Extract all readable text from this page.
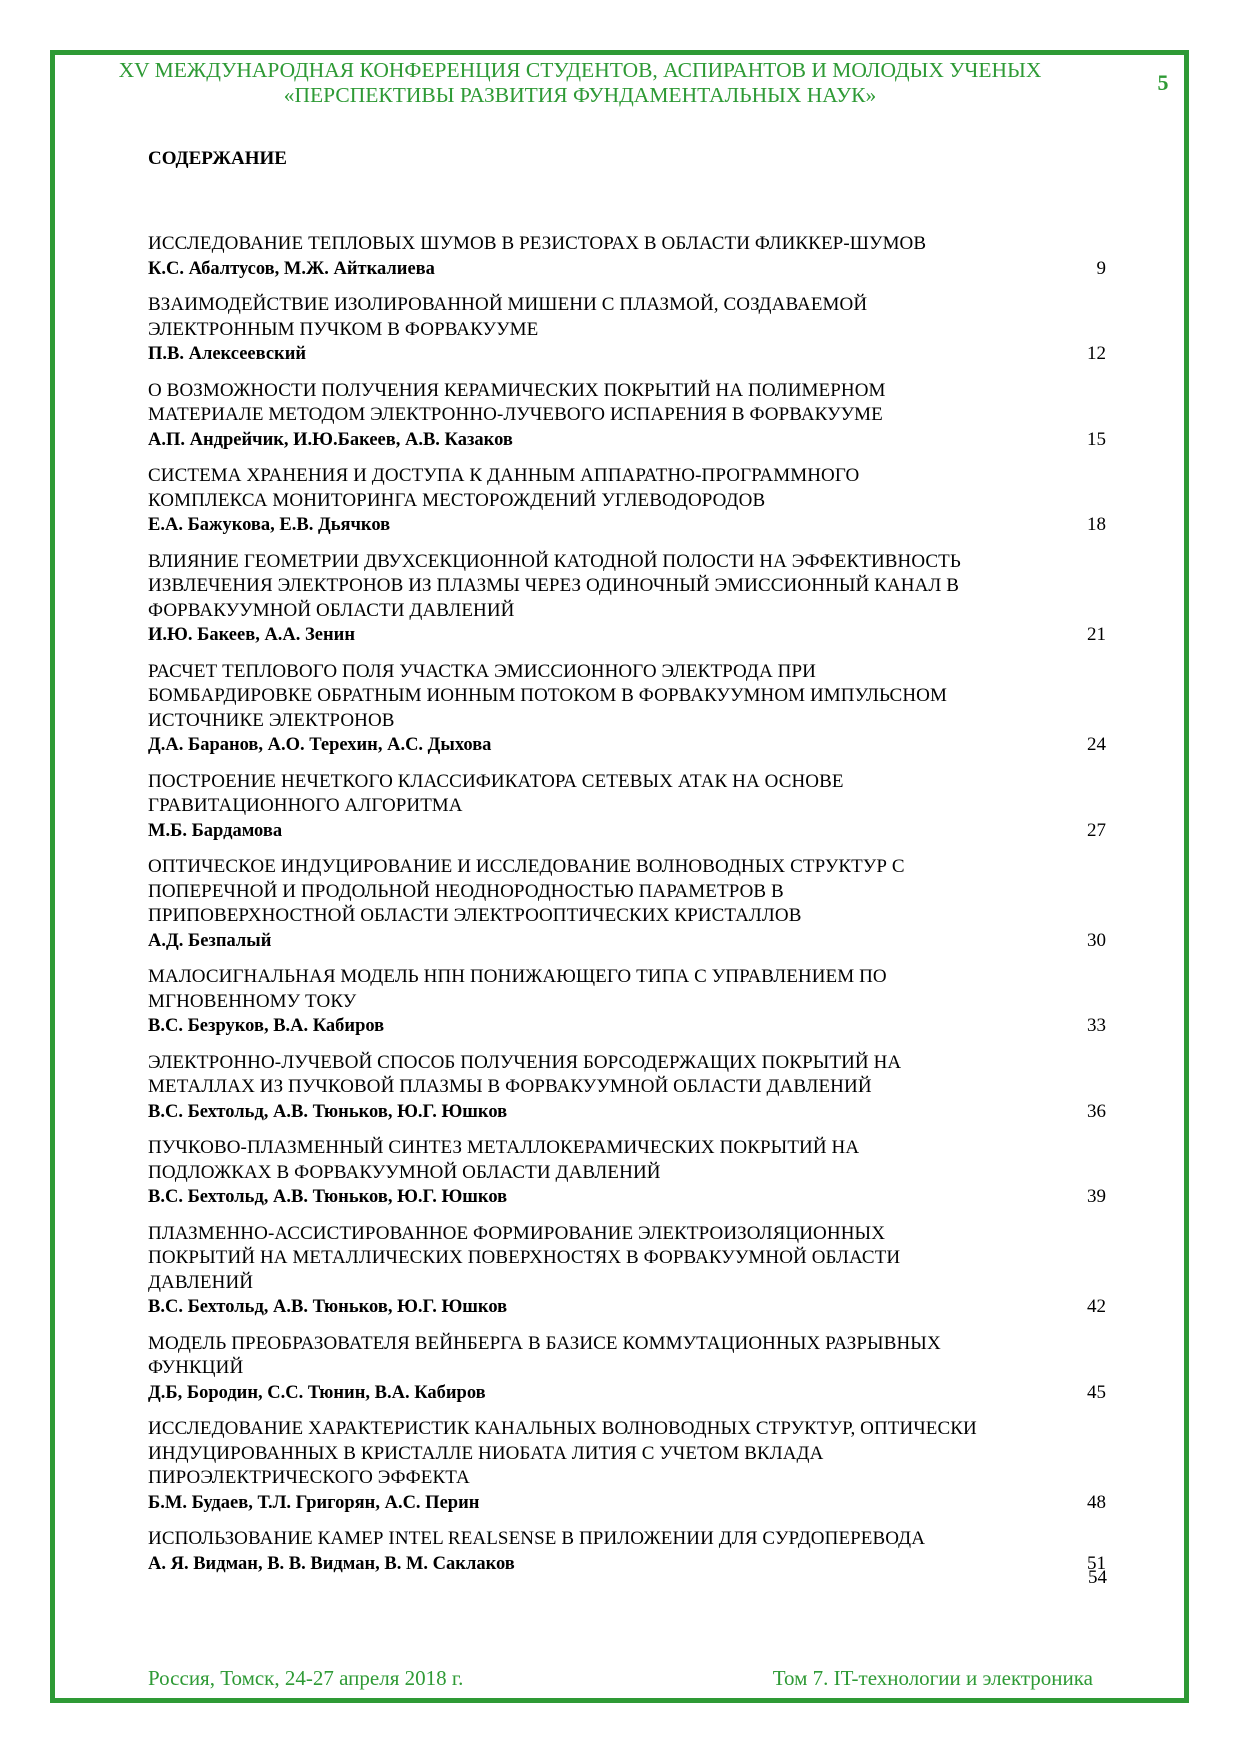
XV МЕЖДУНАРОДНАЯ КОНФЕРЕНЦИЯ СТУДЕНТОВ, АСПИРАНТОВ И МОЛОДЫХ УЧЕНЫХ
«ПЕРСПЕКТИВЫ РАЗВИТИЯ ФУНДАМЕНТАЛЬНЫХ НАУК»	5
СОДЕРЖАНИЕ
ИССЛЕДОВАНИЕ ТЕПЛОВЫХ ШУМОВ В РЕЗИСТОРАХ В ОБЛАСТИ ФЛИККЕР-ШУМОВ
К.С. Абалтусов, М.Ж. Айткалиева	9
ВЗАИМОДЕЙСТВИЕ ИЗОЛИРОВАННОЙ МИШЕНИ С ПЛАЗМОЙ, СОЗДАВАЕМОЙ
ЭЛЕКТРОННЫМ ПУЧКОМ В ФОРВАКУУМЕ
П.В. Алексеевский	12
О ВОЗМОЖНОСТИ ПОЛУЧЕНИЯ КЕРАМИЧЕСКИХ ПОКРЫТИЙ НА ПОЛИМЕРНОМ
МАТЕРИАЛЕ МЕТОДОМ ЭЛЕКТРОННО-ЛУЧЕВОГО ИСПАРЕНИЯ В ФОРВАКУУМЕ
А.П. Андрейчик, И.Ю.Бакеев, А.В. Казаков	15
СИСТЕМА ХРАНЕНИЯ И ДОСТУПА К ДАННЫМ АППАРАТНО-ПРОГРАММНОГО
КОМПЛЕКСА МОНИТОРИНГА МЕСТОРОЖДЕНИЙ УГЛЕВОДОРОДОВ
Е.А. Бажукова, Е.В. Дьячков	18
ВЛИЯНИЕ ГЕОМЕТРИИ ДВУХСЕКЦИОННОЙ КАТОДНОЙ ПОЛОСТИ НА ЭФФЕКТИВНОСТЬ
ИЗВЛЕЧЕНИЯ ЭЛЕКТРОНОВ ИЗ ПЛАЗМЫ ЧЕРЕЗ ОДИНОЧНЫЙ ЭМИССИОННЫЙ КАНАЛ В
ФОРВАКУУМНОЙ ОБЛАСТИ ДАВЛЕНИЙ
И.Ю. Бакеев, А.А. Зенин	21
РАСЧЕТ ТЕПЛОВОГО ПОЛЯ УЧАСТКА ЭМИССИОННОГО ЭЛЕКТРОДА ПРИ
БОМБАРДИРОВКЕ ОБРАТНЫМ ИОННЫМ ПОТОКОМ В ФОРВАКУУМНОМ ИМПУЛЬСНОМ
ИСТОЧНИКЕ ЭЛЕКТРОНОВ
Д.А. Баранов, А.О. Терехин, А.С. Дыхова	24
ПОСТРОЕНИЕ НЕЧЕТКОГО КЛАССИФИКАТОРА СЕТЕВЫХ АТАК НА ОСНОВЕ
ГРАВИТАЦИОННОГО АЛГОРИТМА
М.Б. Бардамова	27
ОПТИЧЕСКОЕ ИНДУЦИРОВАНИЕ И ИССЛЕДОВАНИЕ ВОЛНОВОДНЫХ СТРУКТУР С
ПОПЕРЕЧНОЙ И ПРОДОЛЬНОЙ НЕОДНОРОДНОСТЬЮ ПАРАМЕТРОВ В
ПРИПОВЕРХНОСТНОЙ ОБЛАСТИ ЭЛЕКТРООПТИЧЕСКИХ КРИСТАЛЛОВ
А.Д. Безпалый	30
МАЛОСИГНАЛЬНАЯ МОДЕЛЬ НПН ПОНИЖАЮЩЕГО ТИПА С УПРАВЛЕНИЕМ ПО
МГНОВЕННОМУ ТОКУ
В.С. Безруков, В.А. Кабиров	33
ЭЛЕКТРОННО-ЛУЧЕВОЙ СПОСОБ ПОЛУЧЕНИЯ БОРСОДЕРЖАЩИХ ПОКРЫТИЙ НА
МЕТАЛЛАХ ИЗ ПУЧКОВОЙ ПЛАЗМЫ В ФОРВАКУУМНОЙ ОБЛАСТИ ДАВЛЕНИЙ
В.С. Бехтольд, А.В. Тюньков, Ю.Г. Юшков	36
ПУЧКОВО-ПЛАЗМЕННЫЙ СИНТЕЗ МЕТАЛЛОКЕРАМИЧЕСКИХ ПОКРЫТИЙ НА
ПОДЛОЖКАХ В ФОРВАКУУМНОЙ ОБЛАСТИ ДАВЛЕНИЙ
В.С. Бехтольд, А.В. Тюньков, Ю.Г. Юшков	39
ПЛАЗМЕННО-АССИСТИРОВАННОЕ ФОРМИРОВАНИЕ ЭЛЕКТРОИЗОЛЯЦИОННЫХ
ПОКРЫТИЙ НА МЕТАЛЛИЧЕСКИХ ПОВЕРХНОСТЯХ В ФОРВАКУУМНОЙ ОБЛАСТИ
ДАВЛЕНИЙ
В.С. Бехтольд, А.В. Тюньков, Ю.Г. Юшков	42
МОДЕЛЬ ПРЕОБРАЗОВАТЕЛЯ ВЕЙНБЕРГА В БАЗИСЕ КОММУТАЦИОННЫХ РАЗРЫВНЫХ
ФУНКЦИЙ
Д.Б, Бородин, С.С. Тюнин, В.А. Кабиров	45
ИССЛЕДОВАНИЕ ХАРАКТЕРИСТИК КАНАЛЬНЫХ ВОЛНОВОДНЫХ СТРУКТУР, ОПТИЧЕСКИ
ИНДУЦИРОВАННЫХ В КРИСТАЛЛЕ НИОБАТА ЛИТИЯ С УЧЕТОМ ВКЛАДА
ПИРОЭЛЕКТРИЧЕСКОГО ЭФФЕКТА
Б.М. Будаев, Т.Л. Григорян, А.С. Перин	48
ИСПОЛЬЗОВАНИЕ КАМЕР INTEL REALSENSE В ПРИЛОЖЕНИИ ДЛЯ СУРДОПЕРЕВОДА
А. Я. Видман, В. В. Видман, В. М. Саклаков	51
54
Россия, Томск, 24-27 апреля 2018 г.	Том 7. IT-технологии и электроника
